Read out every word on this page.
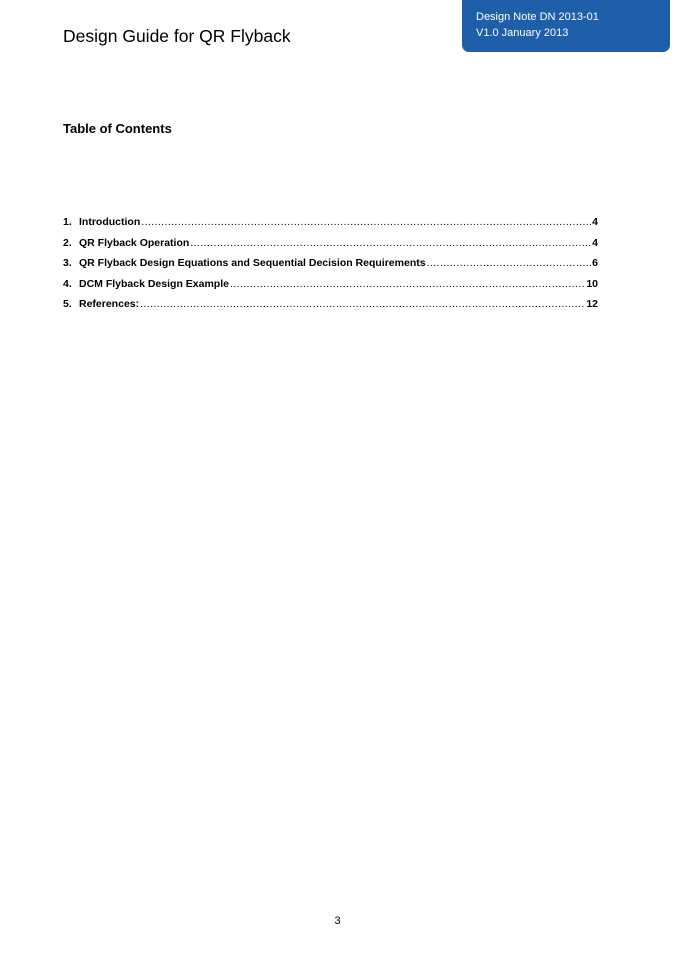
Design Guide for QR Flyback
Design Note DN 2013-01
V1.0 January 2013
Table of Contents
1. Introduction .....	4
2. QR Flyback Operation .....	4
3. QR Flyback Design Equations and Sequential Decision Requirements .....	6
4. DCM Flyback Design Example .....	10
5. References: .....	12
3
